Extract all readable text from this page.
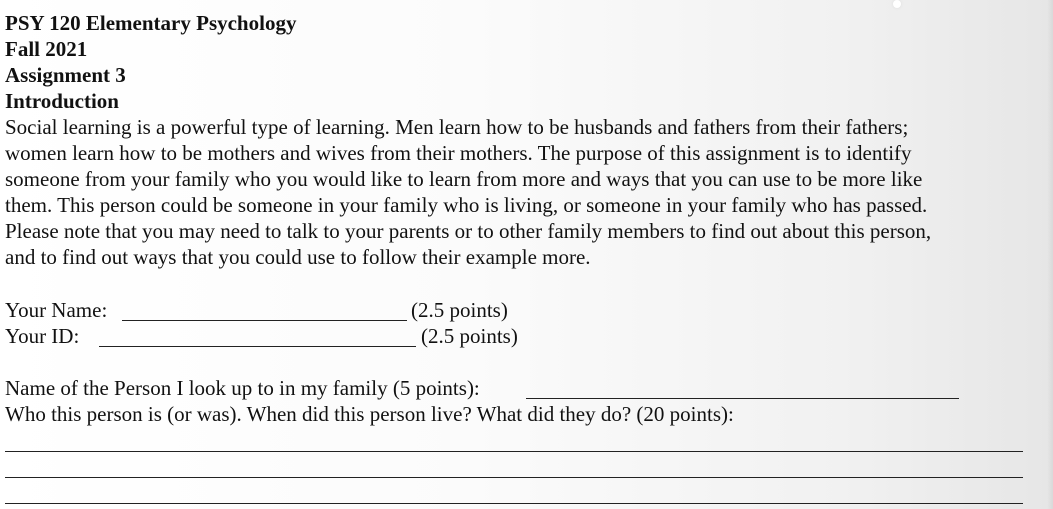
PSY 120 Elementary Psychology
Fall 2021
Assignment 3
Introduction
Social learning is a powerful type of learning. Men learn how to be husbands and fathers from their fathers;
women learn how to be mothers and wives from their mothers. The purpose of this assignment is to identify
someone from your family who you would like to learn from more and ways that you can use to be more like
them. This person could be someone in your family who is living, or someone in your family who has passed.
Please note that you may need to talk to your parents or to other family members to find out about this person,
and to find out ways that you could use to follow their example more.
Your Name:	(2.5 points)
Your ID:	(2.5 points)
Name of the Person I look up to in my family (5 points):
Who this person is (or was). When did this person live? What did they do? (20 points):
